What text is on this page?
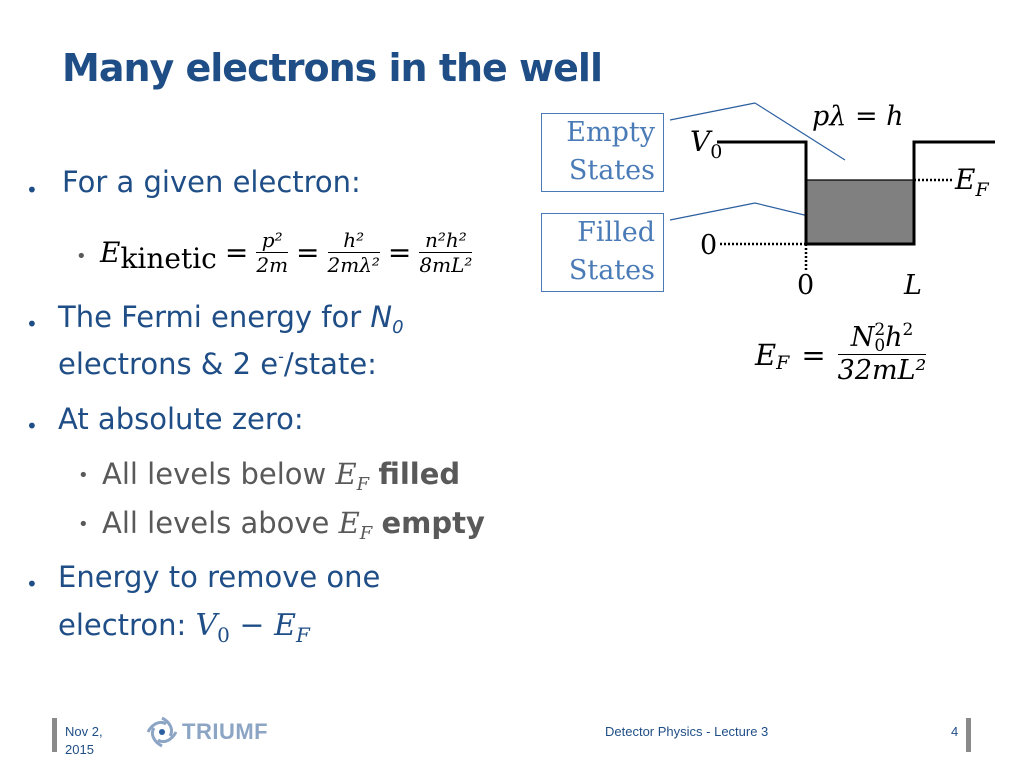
Many electrons in the well
• For a given electron:
• E kinetic = $\frac{\text{p²}}{2m} = \frac{\text{h²}}{\text{2mλ²}} = \frac{\text{n²h²}}{\text{8mL²}}$
• The Fermi energy for $N_0$
electrons & 2 e-/state:
• At absolute zero:
• All levels below $E_F$ filled
• All levels above $E_F$ empty
• Energy to remove one
electron: $V_0 - E_F$
Empty
States
Filled
States
pλ = h
V0
EF
0
0	L
E F = N 2
0 $h^2$
32mL²
Nov 2,
2015
TRIUMF	Detector Physics - Lecture 3	4
